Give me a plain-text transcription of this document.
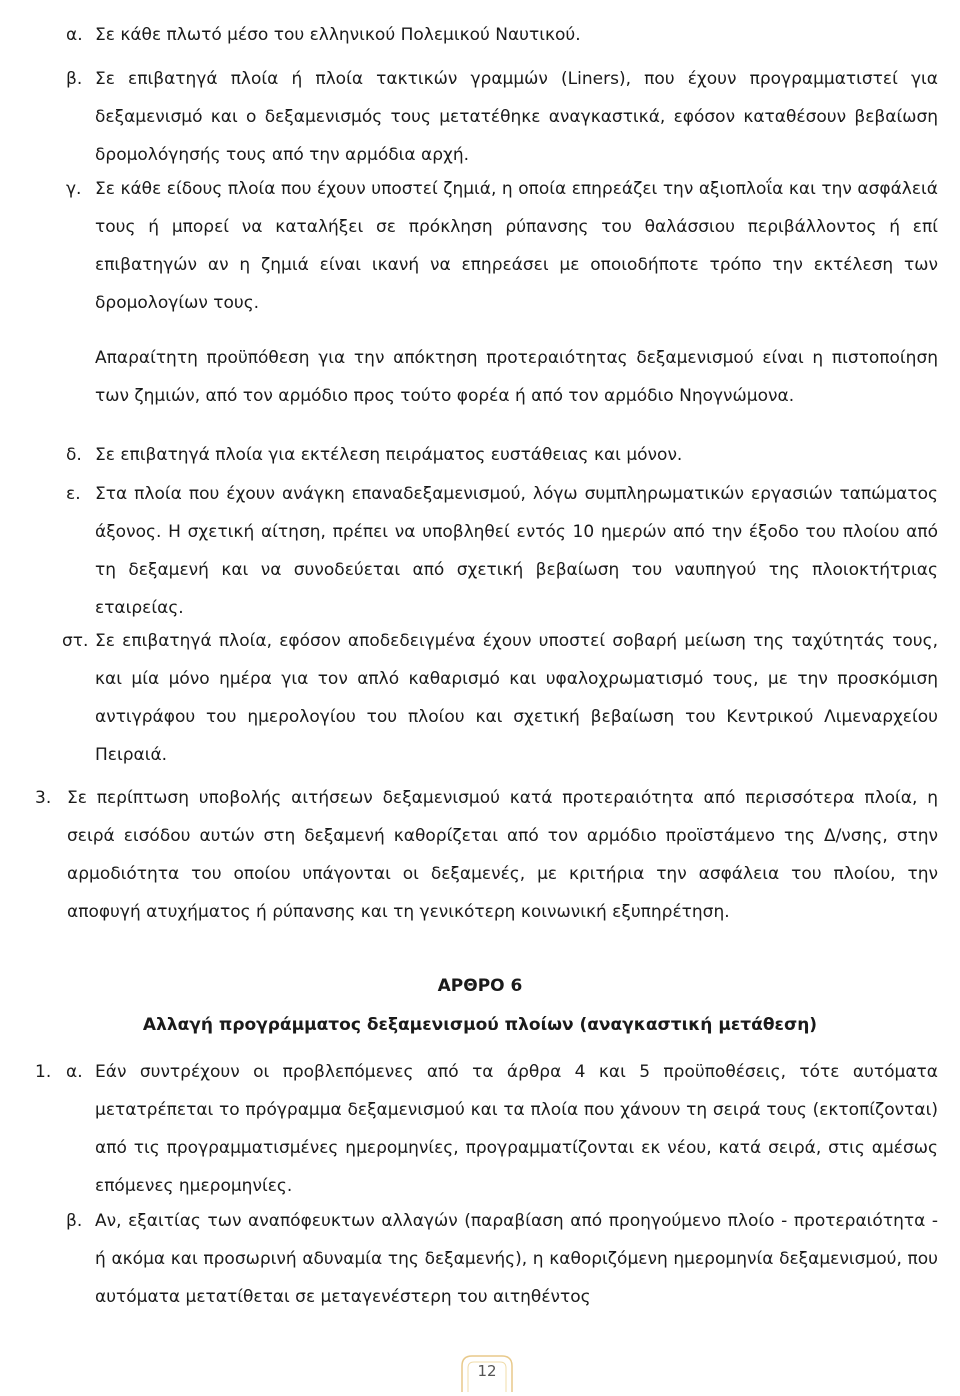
α. Σε κάθε πλωτό μέσο του ελληνικού Πολεμικού Ναυτικού.

β. Σε επιβατηγά πλοία ή πλοία τακτικών γραμμών (Liners), που έχουν προγραμματιστεί για δεξαμενισμό και ο δεξαμενισμός τους μετατέθηκε αναγκαστικά, εφόσον καταθέσουν βεβαίωση δρομολόγησής τους από την αρμόδια αρχή.

γ. Σε κάθε είδους πλοία που έχουν υποστεί ζημιά, η οποία επηρεάζει την αξιοπλοΐα και την ασφάλειά τους ή μπορεί να καταλήξει σε πρόκληση ρύπανσης του θαλάσσιου περιβάλλοντος ή επί επιβατηγών αν η ζημιά είναι ικανή να επηρεάσει με οποιοδήποτε τρόπο την εκτέλεση των δρομολογίων τους.

Απαραίτητη προϋπόθεση για την απόκτηση προτεραιότητας δεξαμενισμού είναι η πιστοποίηση των ζημιών, από τον αρμόδιο προς τούτο φορέα ή από τον αρμόδιο Νηογνώμονα.

δ. Σε επιβατηγά πλοία για εκτέλεση πειράματος ευστάθειας και μόνον.

ε. Στα πλοία που έχουν ανάγκη επαναδεξαμενισμού, λόγω συμπληρωματικών εργασιών ταπώματος άξονος. Η σχετική αίτηση, πρέπει να υποβληθεί εντός 10 ημερών από την έξοδο του πλοίου από τη δεξαμενή και να συνοδεύεται από σχετική βεβαίωση του ναυπηγού της πλοιοκτήτριας εταιρείας.

στ. Σε επιβατηγά πλοία, εφόσον αποδεδειγμένα έχουν υποστεί σοβαρή μείωση της ταχύτητάς τους, και μία μόνο ημέρα για τον απλό καθαρισμό και υφαλοχρωματισμό τους, με την προσκόμιση αντιγράφου του ημερολογίου του πλοίου και σχετική βεβαίωση του Κεντρικού Λιμεναρχείου Πειραιά.

3. Σε περίπτωση υποβολής αιτήσεων δεξαμενισμού κατά προτεραιότητα από περισσότερα πλοία, η σειρά εισόδου αυτών στη δεξαμενή καθορίζεται από τον αρμόδιο προϊστάμενο της Δ/νσης, στην αρμοδιότητα του οποίου υπάγονται οι δεξαμενές, με κριτήρια την ασφάλεια του πλοίου, την αποφυγή ατυχήματος ή ρύπανσης και τη γενικότερη κοινωνική εξυπηρέτηση.

ΑΡΘΡΟ 6
Αλλαγή προγράμματος δεξαμενισμού πλοίων (αναγκαστική μετάθεση)
1. α. Εάν συντρέχουν οι προβλεπόμενες από τα άρθρα 4 και 5 προϋποθέσεις, τότε αυτόματα μετατρέπεται το πρόγραμμα δεξαμενισμού και τα πλοία που χάνουν τη σειρά τους (εκτοπίζονται) από τις προγραμματισμένες ημερομηνίες, προγραμματίζονται εκ νέου, κατά σειρά, στις αμέσως επόμενες ημερομηνίες.

β. Αν, εξαιτίας των αναπόφευκτων αλλαγών (παραβίαση από προηγούμενο πλοίο - προτεραιότητα - ή ακόμα και προσωρινή αδυναμία της δεξαμενής), η καθοριζόμενη ημερομηνία δεξαμενισμού, που αυτόματα μετατίθεται σε μεταγενέστερη του αιτηθέντος

12
